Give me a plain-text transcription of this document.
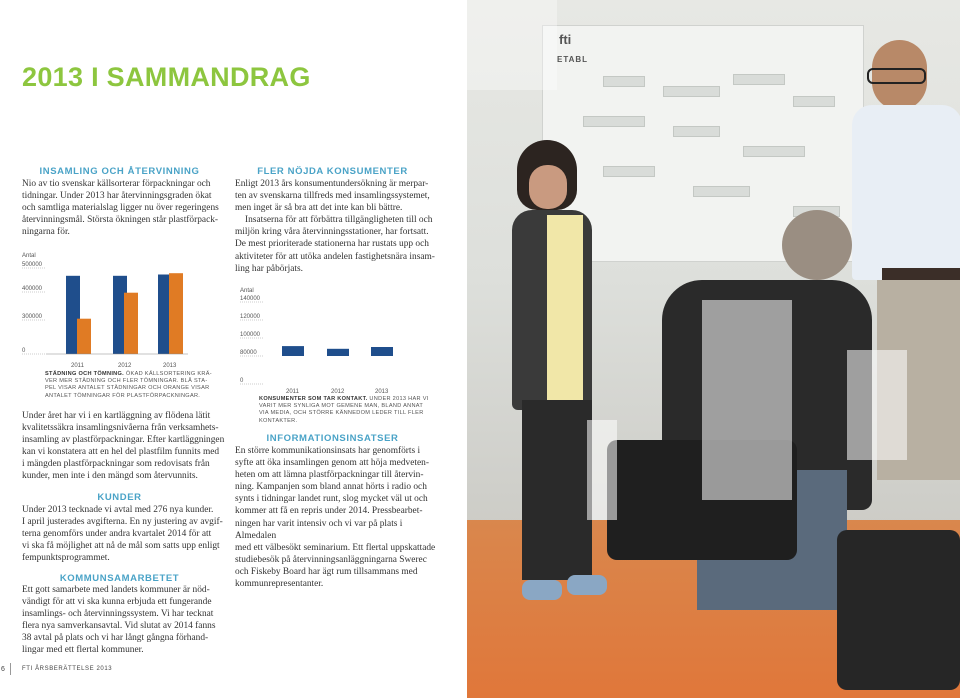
2013 I SAMMANDRAG
INSAMLING OCH ÅTERVINNING

Nio av tio svenskar källsorterar förpackningar och

tidningar. Under 2013 har återvinningsgraden ökat

och samtliga materialslag ligger nu över regeringens

återvinningsmål. Största ökningen står plastförpack-

ningarna för.

Antal
500000
400000
300000
0
2011	2012	2013
STÄDNING OCH TÖMNING. ÖKAD KÄLLSORTERING KRÄ-
VER MER STÄDNING OCH FLER TÖMNINGAR. BLÅ STA-
PEL VISAR ANTALET STÄDNINGAR OCH ORANGE VISAR
ANTALET TÖMNINGAR FÖR PLASTFÖRPACKNINGAR.

Under året har vi i en kartläggning av flödena lätit

kvalitetssäkra insamlingsnivåerna från verksamhets-

insamling av plastförpackningar. Efter kartläggningen

kan vi konstatera att en hel del plastfilm funnits med

i mängden plastförpackningar som redovisats från

kunder, men inte i den mängd som återvunnits.

KUNDER

Under 2013 tecknade vi avtal med 276 nya kunder.

I april justerades avgifterna. En ny justering av avgif-

terna genomförs under andra kvartalet 2014 för att

vi ska få möjlighet att nå de mål som satts upp enligt

fempunktsprogrammet.

KOMMUNSAMARBETET

Ett gott samarbete med landets kommuner är nöd-

vändigt för att vi ska kunna erbjuda ett fungerande

insamlings- och återvinningssystem. Vi har tecknat

flera nya samverkansavtal. Vid slutat av 2014 fanns

38 avtal på plats och vi har långt gångna förhand-

lingar med ett flertal kommuner.

FLER NÖJDA KONSUMENTER

Enligt 2013 års konsumentundersökning är merpar-

ten av svenskarna tillfreds med insamlingssystemet,

men inget är så bra att det inte kan bli bättre.

Insatserna för att förbättra tillgängligheten till och

miljön kring våra återvinningsstationer, har fortsatt.

De mest prioriterade stationerna har rustats upp och

aktiviteter för att utöka andelen fastighetsnära insam-

ling har påbörjats.

Antal
140000
120000
100000
80000
0
2011	2012	2013
KONSUMENTER SOM TAR KONTAKT. UNDER 2013 HAR VI
VARIT MER SYNLIGA MOT GEMENE MAN, BLAND ANNAT
VIA MEDIA, OCH STÖRRE KÄNNEDOM LEDER TILL FLER
KONTAKTER.
INFORMATIONSINSATSER

En större kommunikationsinsats har genomförts i

syfte att öka insamlingen genom att höja medveten-

heten om att lämna plastförpackningar till återvin-

ning. Kampanjen som bland annat hörts i radio och

synts i tidningar landet runt, slog mycket väl ut och

kommer att få en repris under 2014. Pressbearbet-

ningen har varit intensiv och vi var på plats i Almedalen

med ett välbesökt seminarium. Ett flertal uppskattade

studiebesök på återvinningsanläggningarna Swerec

och Fiskeby Board har ägt rum tillsammans med

kommunrepresentanter.

6	FTI ÅRSBERÄTTELSE 2013
fti
ETABL
